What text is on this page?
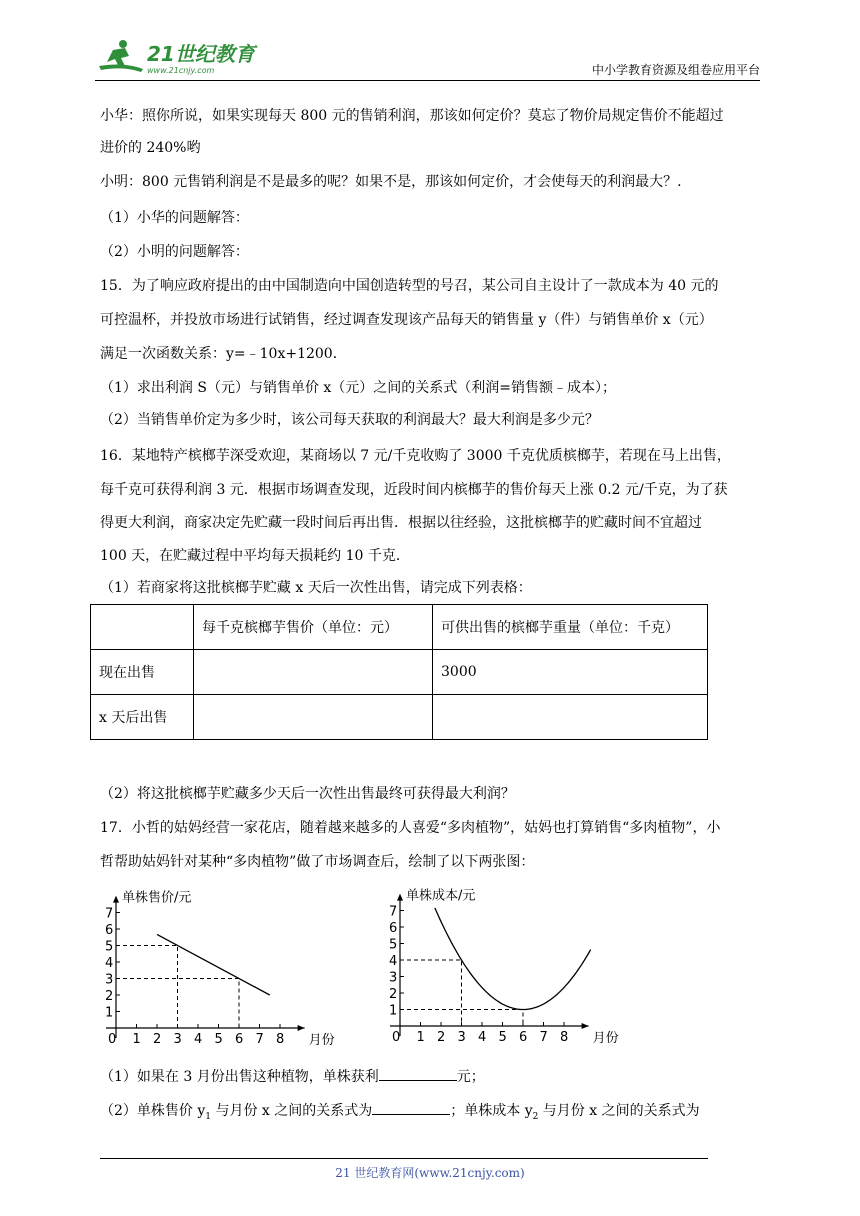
21世纪教育
www.21cnjy.com	中小学教育资源及组卷应用平台
小华：照你所说，如果实现每天 800 元的售销利润，那该如何定价？莫忘了物价局规定售价不能超过
进价的 240%哟
小明：800 元售销利润是不是最多的呢？如果不是，那该如何定价，才会使每天的利润最大？.
（1）小华的问题解答：
（2）小明的问题解答：
15．为了响应政府提出的由中国制造向中国创造转型的号召，某公司自主设计了一款成本为 40 元的
可控温杯，并投放市场进行试销售，经过调查发现该产品每天的销售量 y（件）与销售单价 x（元）
满足一次函数关系：y=﹣10x+1200．
（1）求出利润 S（元）与销售单价 x（元）之间的关系式（利润=销售额﹣成本）；
（2）当销售单价定为多少时，该公司每天获取的利润最大？最大利润是多少元？
16．某地特产槟榔芋深受欢迎，某商场以 7 元/千克收购了 3000 千克优质槟榔芋，若现在马上出售，
每千克可获得利润 3 元．根据市场调查发现，近段时间内槟榔芋的售价每天上涨 0.2 元/千克，为了获
得更大利润，商家决定先贮藏一段时间后再出售．根据以往经验，这批槟榔芋的贮藏时间不宜超过
100 天，在贮藏过程中平均每天损耗约 10 千克．
（1）若商家将这批槟榔芋贮藏 x 天后一次性出售，请完成下列表格：
	每千克槟榔芋售价（单位：元）	可供出售的槟榔芋重量（单位：千克）
现在出售		3000
x 天后出售		
（2）将这批槟榔芋贮藏多少天后一次性出售最终可获得最大利润？
17．小哲的姑妈经营一家花店，随着越来越多的人喜爱“多肉植物”，姑妈也打算销售“多肉植物”，小
哲帮助姑妈针对某种“多肉植物”做了市场调查后，绘制了以下两张图：
0 1 2 3 4 5 6 7 8
1
2
3
4
5
6
7
单株售价/元
月份	0 1 2 3 4 5 6 7 8
1
2
3
4
5
6
7
单株成本/元
月份
（1）如果在 3 月份出售这种植物，单株获利	元；
（2）单株售价 $y_1$ 与月份 x 之间的关系式为	；单株成本 $y_2$ 与月份 x 之间的关系式为
21 世纪教育网(www.21cnjy.com)
